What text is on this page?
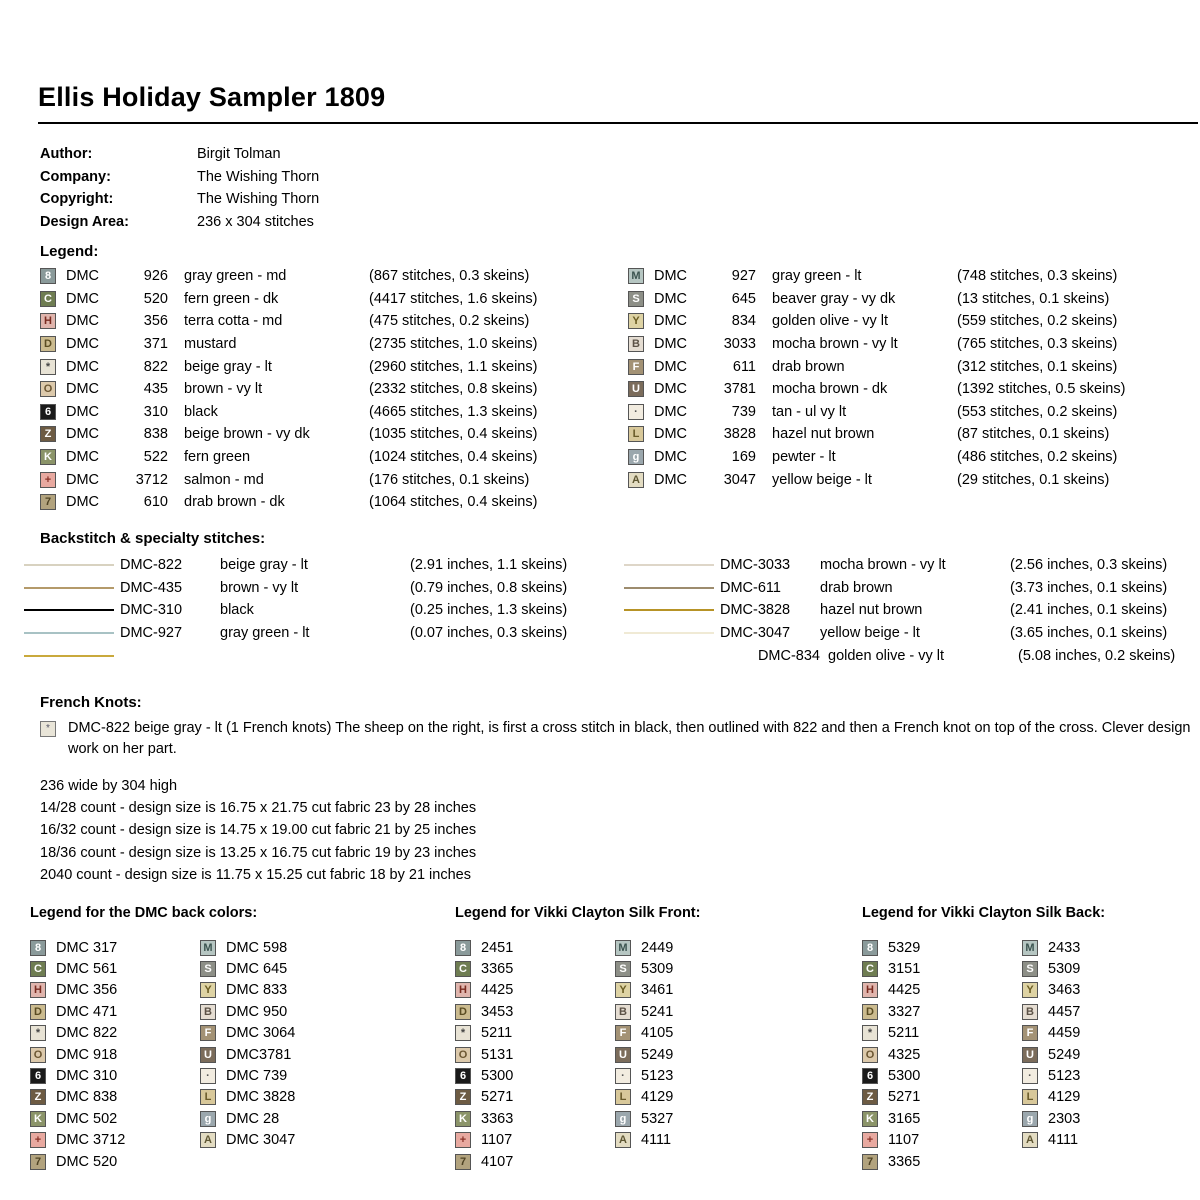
Ellis Holiday Sampler 1809
Author:	Birgit Tolman
Company:	The Wishing Thorn
Copyright:	The Wishing Thorn
Design Area:	236 x 304 stitches
Legend:
8	DMC	926	gray green - md	(867 stitches, 0.3 skeins)
C DMC	520	fern green - dk	(4417 stitches, 1.6 skeins)
H DMC	356	terra cotta - md	(475 stitches, 0.2 skeins)
D DMC	371	mustard	(2735 stitches, 1.0 skeins)
*	DMC	822	beige gray - lt	(2960 stitches, 1.1 skeins)
O DMC	435	brown - vy lt	(2332 stitches, 0.8 skeins)
6	DMC	310	black	(4665 stitches, 1.3 skeins)
Z	DMC	838	beige brown - vy dk	(1035 stitches, 0.4 skeins)
K DMC	522	fern green	(1024 stitches, 0.4 skeins)
+	DMC	3712	salmon - md	(176 stitches, 0.1 skeins)
7	DMC	610	drab brown - dk	(1064 stitches, 0.4 skeins)
M DMC	927	gray green - lt	(748 stitches, 0.3 skeins)
S DMC	645	beaver gray - vy dk	(13 stitches, 0.1 skeins)
Y DMC	834	golden olive - vy lt	(559 stitches, 0.2 skeins)
B DMC	3033	mocha brown - vy lt	(765 stitches, 0.3 skeins)
F	DMC	611	drab brown	(312 stitches, 0.1 skeins)
U DMC	3781	mocha brown - dk	(1392 stitches, 0.5 skeins)
·	DMC	739	tan - ul vy lt	(553 stitches, 0.2 skeins)
L	DMC	3828	hazel nut brown	(87 stitches, 0.1 skeins)
g	DMC	169	pewter - lt	(486 stitches, 0.2 skeins)
A DMC	3047	yellow beige - lt	(29 stitches, 0.1 skeins)
Backstitch & specialty stitches:
DMC-822	beige gray - lt	(2.91 inches, 1.1 skeins)
DMC-435	brown - vy lt	(0.79 inches, 0.8 skeins)
DMC-310	black	(0.25 inches, 1.3 skeins)
DMC-927	gray green - lt	(0.07 inches, 0.3 skeins)
DMC-3033	mocha brown - vy lt	(2.56 inches, 0.3 skeins)
DMC-611	drab brown	(3.73 inches, 0.1 skeins)
DMC-3828	hazel nut brown	(2.41 inches, 0.1 skeins)
DMC-3047	yellow beige - lt	(3.65 inches, 0.1 skeins)
DMC-834 golden olive - vy lt	(5.08 inches, 0.2 skeins)
French Knots:
*	DMC-822 beige gray - lt (1 French knots) The sheep on the right, is first a cross stitch in black, then outlined with 822 and then a French knot on top of the cross. Clever design work on her part.
236 wide by 304 high
14/28 count - design size is 16.75 x 21.75 cut fabric 23 by 28 inches
16/32 count - design size is 14.75 x 19.00 cut fabric 21 by 25 inches
18/36 count - design size is 13.25 x 16.75 cut fabric 19 by 23 inches
2040 count - design size is 11.75 x 15.25 cut fabric 18 by 21 inches
Legend for the DMC back colors:	Legend for Vikki Clayton Silk Front:	Legend for Vikki Clayton Silk Back:
8	DMC 317
C DMC 561
H DMC 356
D DMC 471
*	DMC 822
O DMC 918
6	DMC 310
Z	DMC 838
K DMC 502
+	DMC 3712
7	DMC 520
M DMC 598
S DMC 645
Y DMC 833
B DMC 950
F	DMC 3064
U DMC3781
·	DMC 739
L	DMC 3828
g	DMC 28
A DMC 3047
8	2451
C 3365
H 4425
D 3453
*	5211
O 5131
6	5300
Z	5271
K 3363
+	1107
7	4107
M 2449
S 5309
Y 3461
B 5241
F	4105
U 5249
·	5123
L	4129
g	5327
A 4111
8	5329
C 3151
H 4425
D 3327
*	5211
O 4325
6	5300
Z	5271
K 3165
+	1107
7	3365
M 2433
S 5309
Y 3463
B 4457
F	4459
U 5249
·	5123
L	4129
g	2303
A 4111
